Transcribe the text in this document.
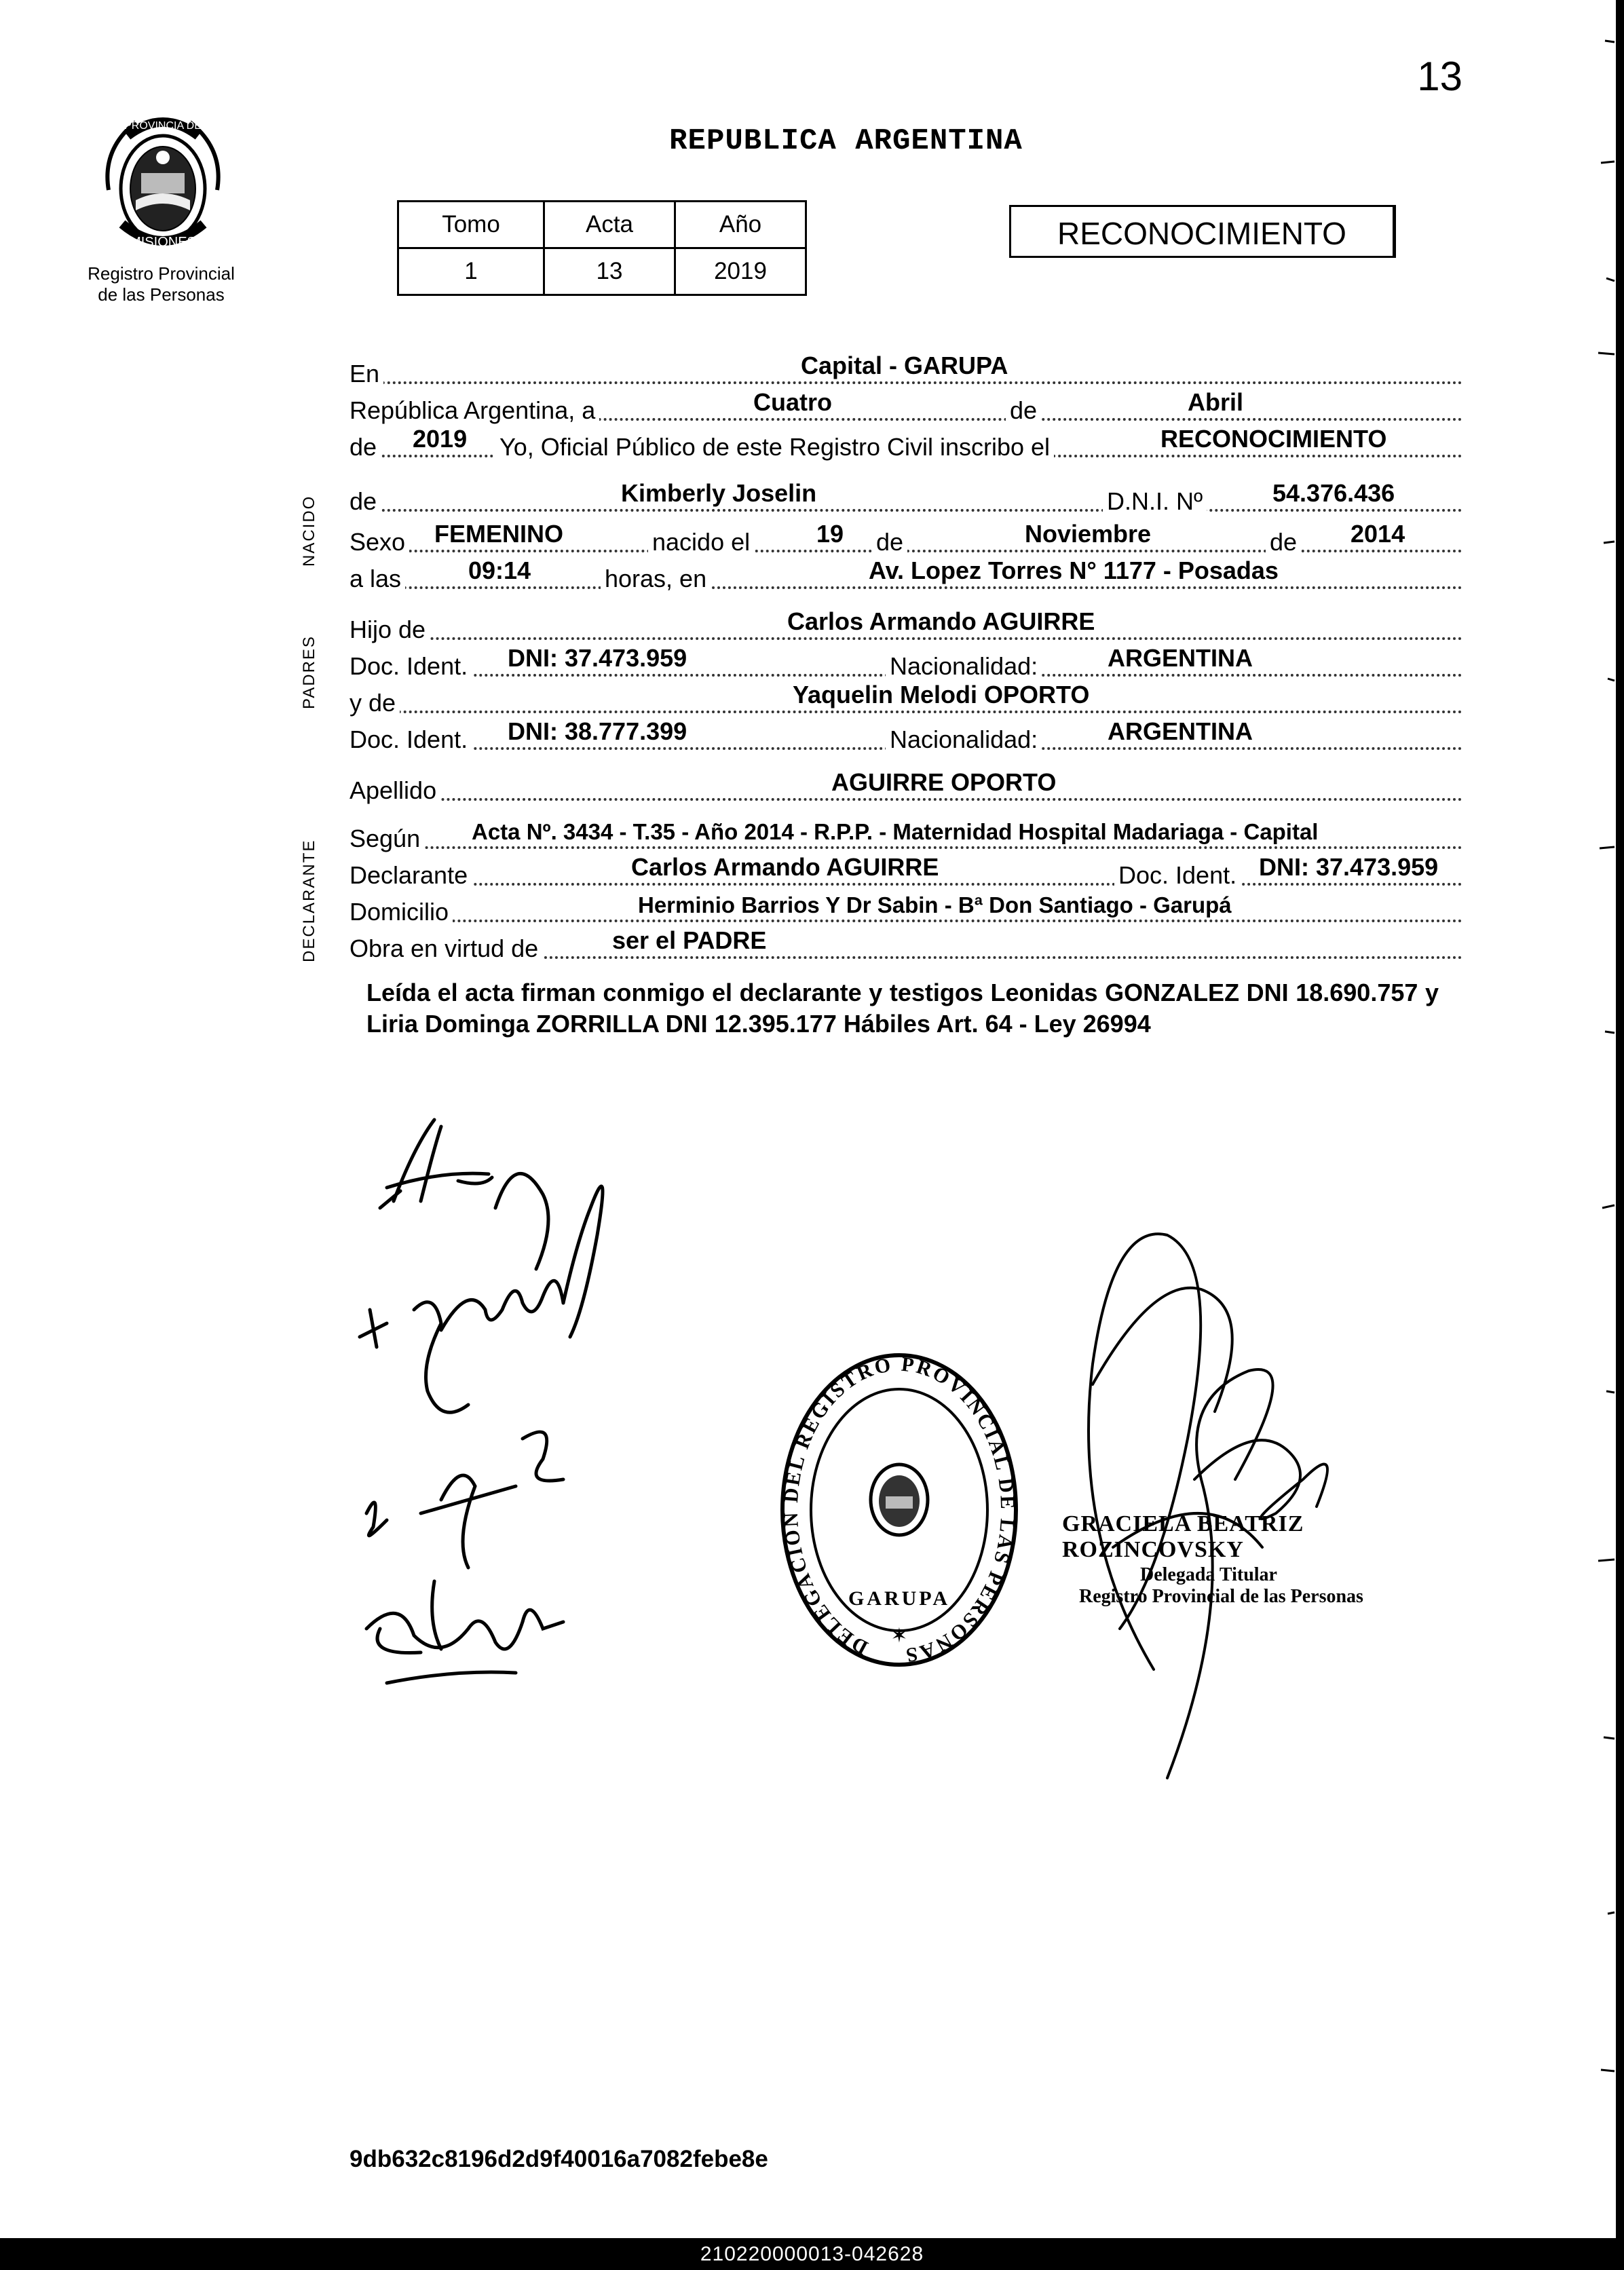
13
PROVINCIA DE
MISIONES
Registro Provincial
de las Personas
REPUBLICA ARGENTINA
Tomo	Acta	Año
1	13	2019
RECONOCIMIENTO
NACIDO
PADRES
DECLARANTE
En	Capital - GARUPA
República Argentina, a	Cuatro	de	Abril
de 2019 Yo, Oficial Público de este Registro Civil inscribo el	RECONOCIMIENTO
de	Kimberly Joselin	D.N.I. Nº	54.376.436
Sexo FEMENINO	nacido el	19 de	Noviembre	de 2014
a las	09:14	horas, en	Av. Lopez Torres N° 1177 - Posadas
Hijo de	Carlos Armando AGUIRRE
Doc. Ident. DNI: 37.473.959	Nacionalidad:	ARGENTINA
y de	Yaquelin Melodi OPORTO
Doc. Ident. DNI: 38.777.399	Nacionalidad:	ARGENTINA
Apellido	AGUIRRE OPORTO
Según Acta Nº. 3434 - T.35 - Año 2014 - R.P.P. - Maternidad Hospital Madariaga - Capital
Declarante	Carlos Armando AGUIRRE	Doc. Ident. DNI: 37.473.959
Domicilio	Herminio Barrios Y Dr Sabin - Bª Don Santiago - Garupá
Obra en virtud de	ser el PADRE
Leída el acta firman conmigo el declarante y testigos Leonidas GONZALEZ DNI 18.690.757 y Liria Dominga ZORRILLA DNI 12.395.177 Hábiles Art. 64 - Ley 26994
DELEGACION DEL REGISTRO PROVINCIAL DE LAS PERSONAS
GARUPA
✶
GRACIELA BEATRIZ ROZINCOVSKY
Delegada Titular
Registro Provincial de las Personas
9db632c8196d2d9f40016a7082febe8e
210220000013-042628
